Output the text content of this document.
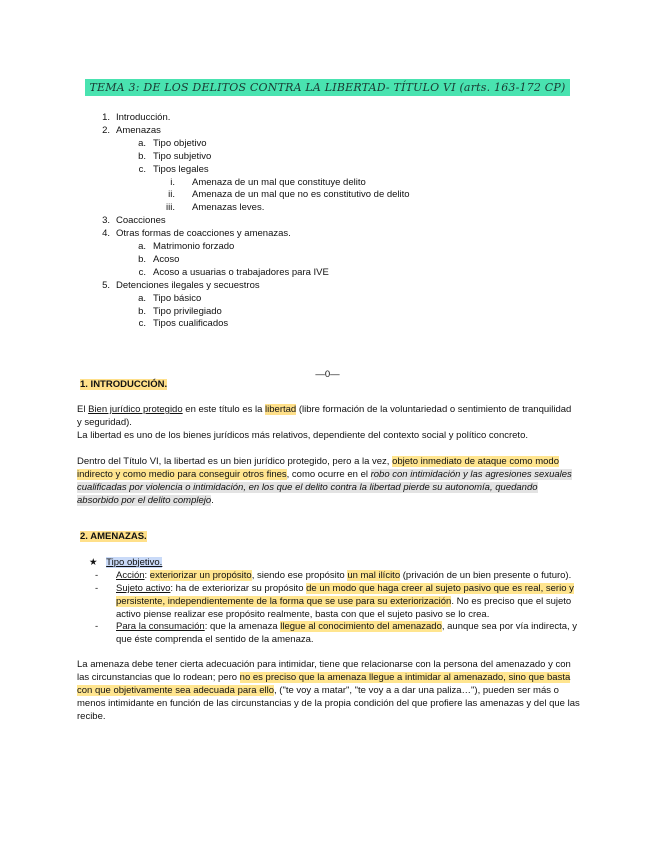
TEMA 3: DE LOS DELITOS CONTRA LA LIBERTAD- TÍTULO VI (arts. 163-172 CP)
1. Introducción.
2. Amenazas
a. Tipo objetivo
b. Tipo subjetivo
c. Tipos legales
i. Amenaza de un mal que constituye delito
ii. Amenaza de un mal que no es constitutivo de delito
iii. Amenazas leves.
3. Coacciones
4. Otras formas de coacciones y amenazas.
a. Matrimonio forzado
b. Acoso
c. Acoso a usuarias o trabajadores para IVE
5. Detenciones ilegales y secuestros
a. Tipo básico
b. Tipo privilegiado
c. Tipos cualificados
—0—
1. INTRODUCCIÓN.
El Bien jurídico protegido en este título es la libertad (libre formación de la voluntariedad o sentimiento de tranquilidad y seguridad).
La libertad es uno de los bienes jurídicos más relativos, dependiente del contexto social y político concreto.
Dentro del Título VI, la libertad es un bien jurídico protegido, pero a la vez, objeto inmediato de ataque como modo indirecto y como medio para conseguir otros fines, como ocurre en el robo con intimidación y las agresiones sexuales cualificadas por violencia o intimidación, en los que el delito contra la libertad pierde su autonomía, quedando absorbido por el delito complejo.
2. AMENAZAS.
★ Tipo objetivo.
- Acción: exteriorizar un propósito, siendo ese propósito un mal ilícito (privación de un bien presente o futuro).
- Sujeto activo: ha de exteriorizar su propósito de un modo que haga creer al sujeto pasivo que es real, serio y persistente, independientemente de la forma que se use para su exteriorización. No es preciso que el sujeto activo piense realizar ese propósito realmente, basta con que el sujeto pasivo se lo crea.
- Para la consumación: que la amenaza llegue al conocimiento del amenazado, aunque sea por vía indirecta, y que éste comprenda el sentido de la amenaza.
La amenaza debe tener cierta adecuación para intimidar, tiene que relacionarse con la persona del amenazado y con las circunstancias que lo rodean; pero no es preciso que la amenaza llegue a intimidar al amenazado, sino que basta con que objetivamente sea adecuada para ello, ("te voy a matar", "te voy a a dar una paliza…"), pueden ser más o menos intimidante en función de las circunstancias y de la propia condición del que profiere las amenazas y del que las recibe.
